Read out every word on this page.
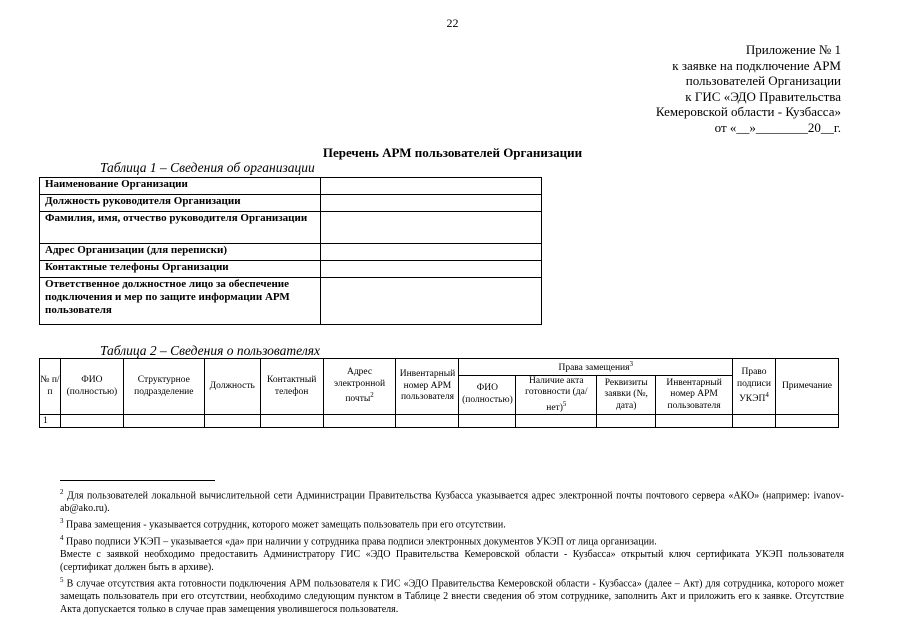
22
Приложение № 1
к заявке на подключение АРМ
пользователей Организации
к ГИС «ЭДО Правительства
Кемеровской области - Кузбасса»
от «__»________20__г.
Перечень АРМ пользователей Организации
Таблица 1 – Сведения об организации
Наименование Организации	
Должность руководителя Организации	
Фамилия, имя, отчество руководителя Организации	
Адрес Организации (для переписки)	
Контактные телефоны Организации	
Ответственное должностное лицо за обеспечение подключения и мер по защите информации АРМ пользователя	
Таблица 2 – Сведения о пользователях
№ п/п	ФИО (полностью)	Структурное подразделение	Должность	Контактный телефон	Адрес электронной почты$^2$	Инвентарный номер АРМ пользователя	Права замещения$^3$				Право подписи УКЭП$^4$	Примечание
							ФИО (полностью)	Наличие акта готовности $(да/нет)^5$	Реквизиты заявки (№, дата)	Инвентарный номер АРМ пользователя		
1												

$^2$ Для пользователей локальной вычислительной сети Администрации Правительства Кузбасса указывается адрес электронной почты почтового сервера «АКО» (например: ivanov-ab@ako.ru).

$^3$ Права замещения - указывается сотрудник, которого может замещать пользователь при его отсутствии.

$^4$ Право подписи УКЭП – указывается «да» при наличии у сотрудника права подписи электронных документов УКЭП от лица организации.

Вместе с заявкой необходимо предоставить Администратору ГИС «ЭДО Правительства Кемеровской области - Кузбасса» открытый ключ сертификата УКЭП пользователя (сертификат должен быть в архиве).

$^5$ В случае отсутствия акта готовности подключения АРМ пользователя к ГИС «ЭДО Правительства Кемеровской области - Кузбасса» (далее – Акт) для сотрудника, которого может замещать пользователь при его отсутствии, необходимо следующим пунктом в Таблице 2 внести сведения об этом сотруднике, заполнить Акт и приложить его к заявке. Отсутствие Акта допускается только в случае прав замещения уволившегося пользователя.
